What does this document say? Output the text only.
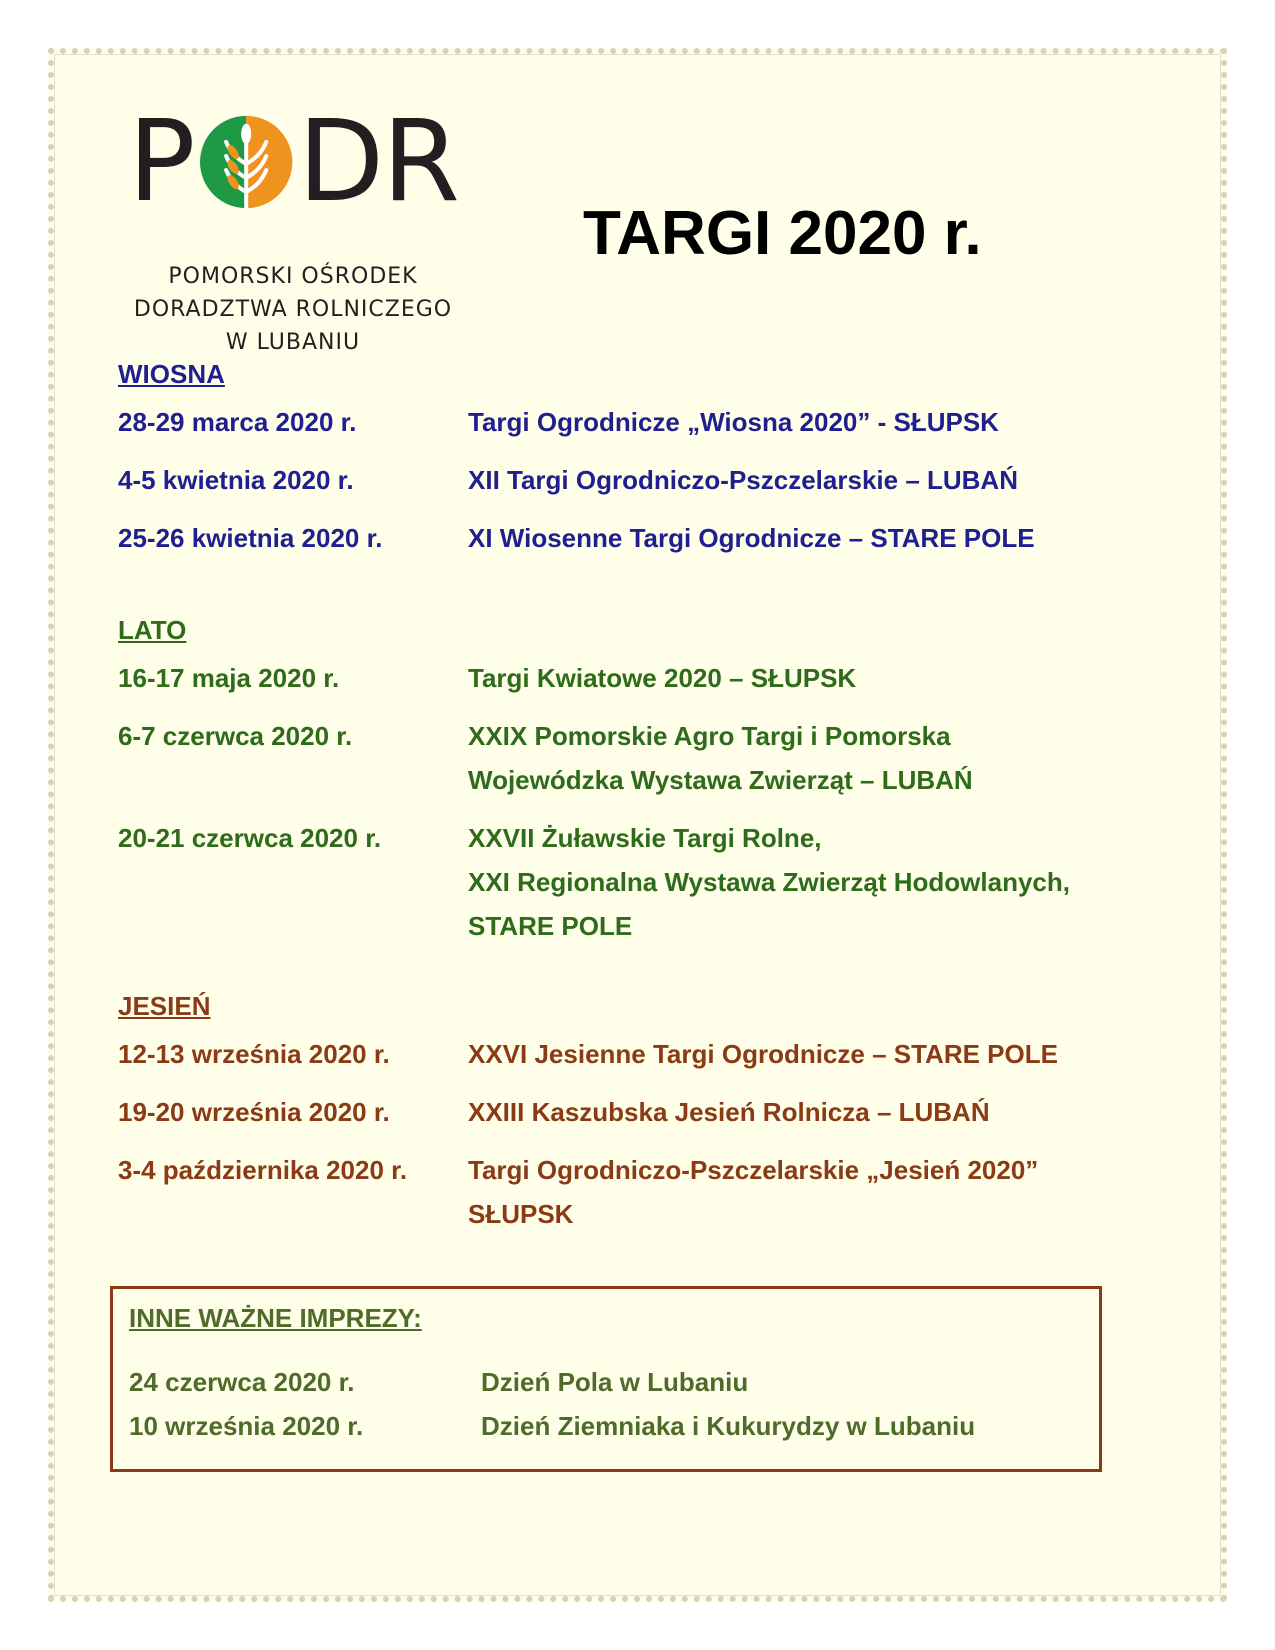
P D R
POMORSKI OŚRODEK
DORADZTWA ROLNICZEGO
W LUBANIU
TARGI 2020 r.
WIOSNA
28-29 marca 2020 r.	Targi Ogrodnicze „Wiosna 2020” - SŁUPSK
4-5 kwietnia 2020 r.	XII Targi Ogrodniczo-Pszczelarskie – LUBAŃ
25-26 kwietnia 2020 r.	XI Wiosenne Targi Ogrodnicze – STARE POLE
LATO
16-17 maja 2020 r.	Targi Kwiatowe 2020 – SŁUPSK
6-7 czerwca 2020 r.	XXIX Pomorskie Agro Targi i Pomorska
Wojewódzka Wystawa Zwierząt – LUBAŃ
20-21 czerwca 2020 r.	XXVII Żuławskie Targi Rolne,
XXI Regionalna Wystawa Zwierząt Hodowlanych,
STARE POLE
JESIEŃ
12-13 września 2020 r.	XXVI Jesienne Targi Ogrodnicze – STARE POLE
19-20 września 2020 r.	XXIII Kaszubska Jesień Rolnicza – LUBAŃ
3-4 października 2020 r. Targi Ogrodniczo-Pszczelarskie „Jesień 2020”
SŁUPSK
INNE WAŻNE IMPREZY:
24 czerwca 2020 r.	Dzień Pola w Lubaniu
10 września 2020 r.	Dzień Ziemniaka i Kukurydzy w Lubaniu
